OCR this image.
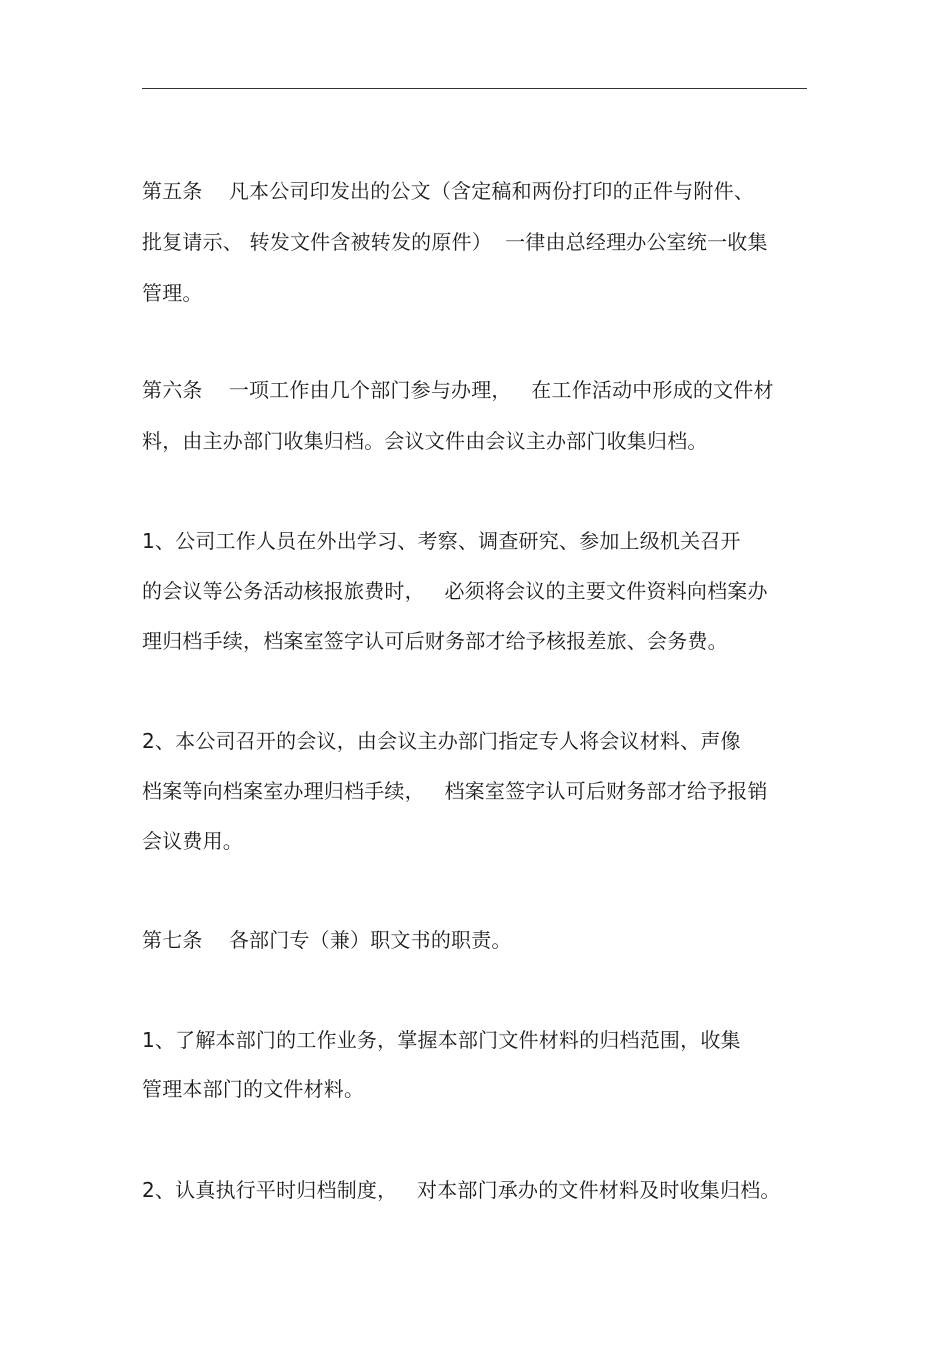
第五条    凡本公司印发出的公文（含定稿和两份打印的正件与附件、
批复请示、 转发文件含被转发的原件）  一律由总经理办公室统一收集
管理。
第六条    一项工作由几个部门参与办理，   在工作活动中形成的文件材
料，由主办部门收集归档。会议文件由会议主办部门收集归档。
1、公司工作人员在外出学习、考察、调查研究、参加上级机关召开
的会议等公务活动核报旅费时，   必须将会议的主要文件资料向档案办
理归档手续，档案室签字认可后财务部才给予核报差旅、会务费。
2、本公司召开的会议，由会议主办部门指定专人将会议材料、声像
档案等向档案室办理归档手续，   档案室签字认可后财务部才给予报销
会议费用。
第七条    各部门专（兼）职文书的职责。
1、了解本部门的工作业务，掌握本部门文件材料的归档范围，收集
管理本部门的文件材料。
2、认真执行平时归档制度，   对本部门承办的文件材料及时收集归档。
